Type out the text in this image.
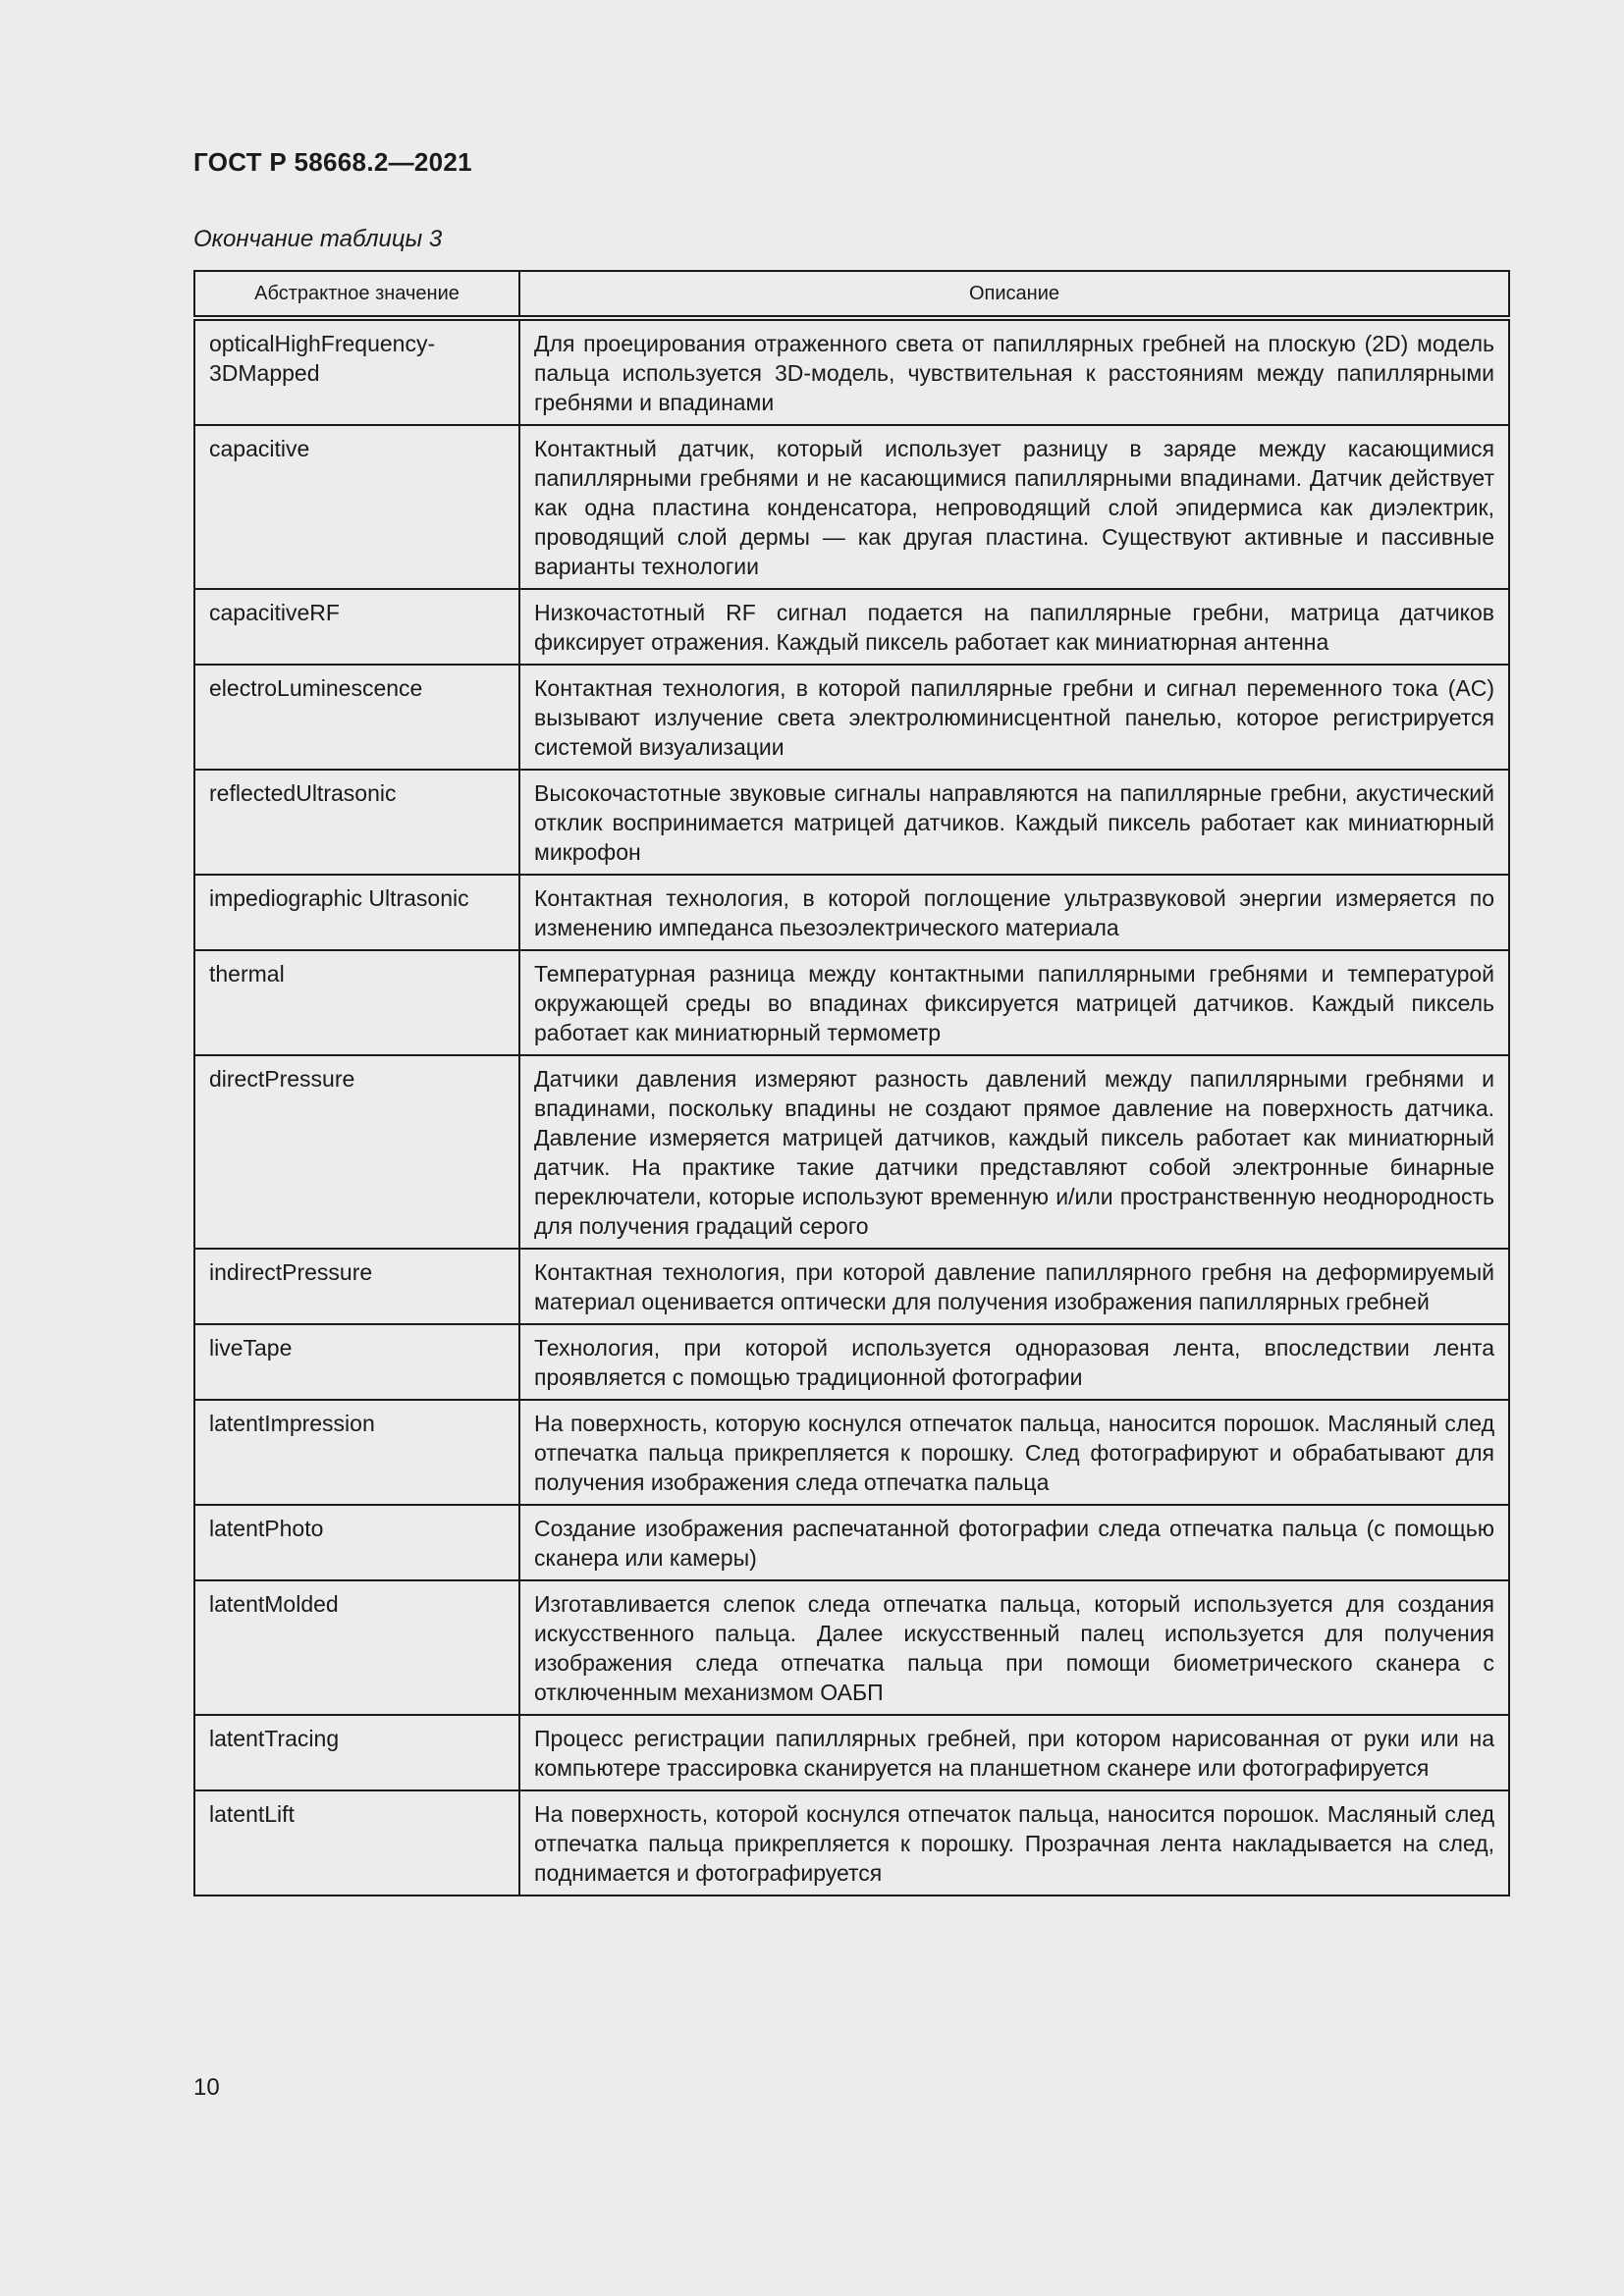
ГОСТ Р 58668.2—2021
Окончание таблицы 3
Абстрактное значение	Описание
opticalHighFrequency-
3DMapped	Для проецирования отраженного света от папиллярных гребней на плоскую (2D) модель пальца используется 3D-модель, чувствительная к расстояниям между папиллярными гребнями и впадинами
capacitive	Контактный датчик, который использует разницу в заряде между касающимися папиллярными гребнями и не касающимися папиллярными впадинами. Датчик действует как одна пластина конденсатора, непроводящий слой эпидермиса как диэлектрик, проводящий слой дермы — как другая пластина. Существуют активные и пассивные варианты технологии
capacitiveRF	Низкочастотный RF сигнал подается на папиллярные гребни, матрица датчиков фиксирует отражения. Каждый пиксель работает как миниатюрная антенна
electroLuminescence	Контактная технология, в которой папиллярные гребни и сигнал переменного тока (AC) вызывают излучение света электролюминисцентной панелью, которое регистрируется системой визуализации
reflectedUltrasonic	Высокочастотные звуковые сигналы направляются на папиллярные гребни, акустический отклик воспринимается матрицей датчиков. Каждый пиксель работает как миниатюрный микрофон
impediographic Ultrasonic	Контактная технология, в которой поглощение ультразвуковой энергии измеряется по изменению импеданса пьезоэлектрического материала
thermal	Температурная разница между контактными папиллярными гребнями и температурой окружающей среды во впадинах фиксируется матрицей датчиков. Каждый пиксель работает как миниатюрный термометр
directPressure	Датчики давления измеряют разность давлений между папиллярными гребнями и впадинами, поскольку впадины не создают прямое давление на поверхность датчика. Давление измеряется матрицей датчиков, каждый пиксель работает как миниатюрный датчик. На практике такие датчики представляют собой электронные бинарные переключатели, которые используют временную и/или пространственную неоднородность для получения градаций серого
indirectPressure	Контактная технология, при которой давление папиллярного гребня на деформируемый материал оценивается оптически для получения изображения папиллярных гребней
liveTape	Технология, при которой используется одноразовая лента, впоследствии лента проявляется с помощью традиционной фотографии
latentImpression	На поверхность, которую коснулся отпечаток пальца, наносится порошок. Масляный след отпечатка пальца прикрепляется к порошку. След фотографируют и обрабатывают для получения изображения следа отпечатка пальца
latentPhoto	Создание изображения распечатанной фотографии следа отпечатка пальца (с помощью сканера или камеры)
latentMolded	Изготавливается слепок следа отпечатка пальца, который используется для создания искусственного пальца. Далее искусственный палец используется для получения изображения следа отпечатка пальца при помощи биометрического сканера с отключенным механизмом ОАБП
latentTracing	Процесс регистрации папиллярных гребней, при котором нарисованная от руки или на компьютере трассировка сканируется на планшетном сканере или фотографируется
latentLift	На поверхность, которой коснулся отпечаток пальца, наносится порошок. Масляный след отпечатка пальца прикрепляется к порошку. Прозрачная лента накладывается на след, поднимается и фотографируется
10
